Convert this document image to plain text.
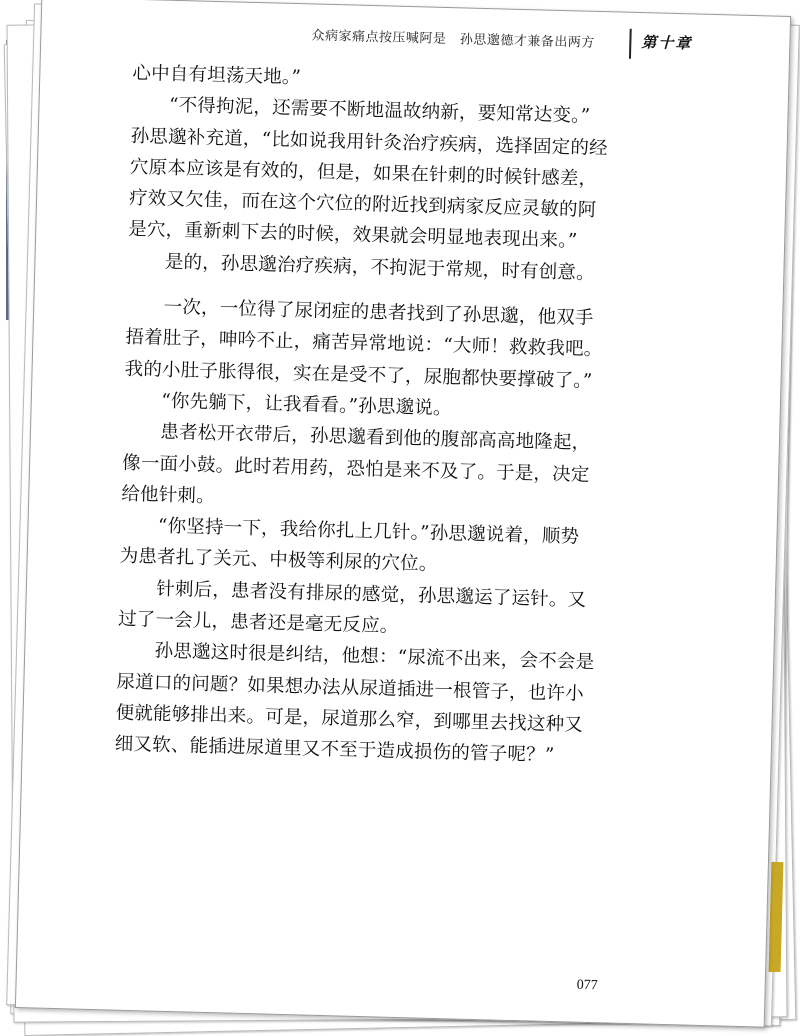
众病家痛点按压喊阿是　孙思邈德才兼备出两方	第十章
心中自有坦荡天地。”
　　“不得拘泥，还需要不断地温故纳新，要知常达变。”
孙思邈补充道，“比如说我用针灸治疗疾病，选择固定的经
穴原本应该是有效的，但是，如果在针刺的时候针感差，
疗效又欠佳，而在这个穴位的附近找到病家反应灵敏的阿
是穴，重新刺下去的时候，效果就会明显地表现出来。”
　　是的，孙思邈治疗疾病，不拘泥于常规，时有创意。
　　一次，一位得了尿闭症的患者找到了孙思邈，他双手
捂着肚子，呻吟不止，痛苦异常地说：“大师！救救我吧。
我的小肚子胀得很，实在是受不了，尿胞都快要撑破了。”
　　“你先躺下，让我看看。”孙思邈说。
　　患者松开衣带后，孙思邈看到他的腹部高高地隆起，
像一面小鼓。此时若用药，恐怕是来不及了。于是，决定
给他针刺。
　　“你坚持一下，我给你扎上几针。”孙思邈说着，顺势
为患者扎了关元、中极等利尿的穴位。
　　针刺后，患者没有排尿的感觉，孙思邈运了运针。又
过了一会儿，患者还是毫无反应。
　　孙思邈这时很是纠结，他想：“尿流不出来，会不会是
尿道口的问题？如果想办法从尿道插进一根管子，也许小
便就能够排出来。可是，尿道那么窄，到哪里去找这种又
细又软、能插进尿道里又不至于造成损伤的管子呢？”
077
